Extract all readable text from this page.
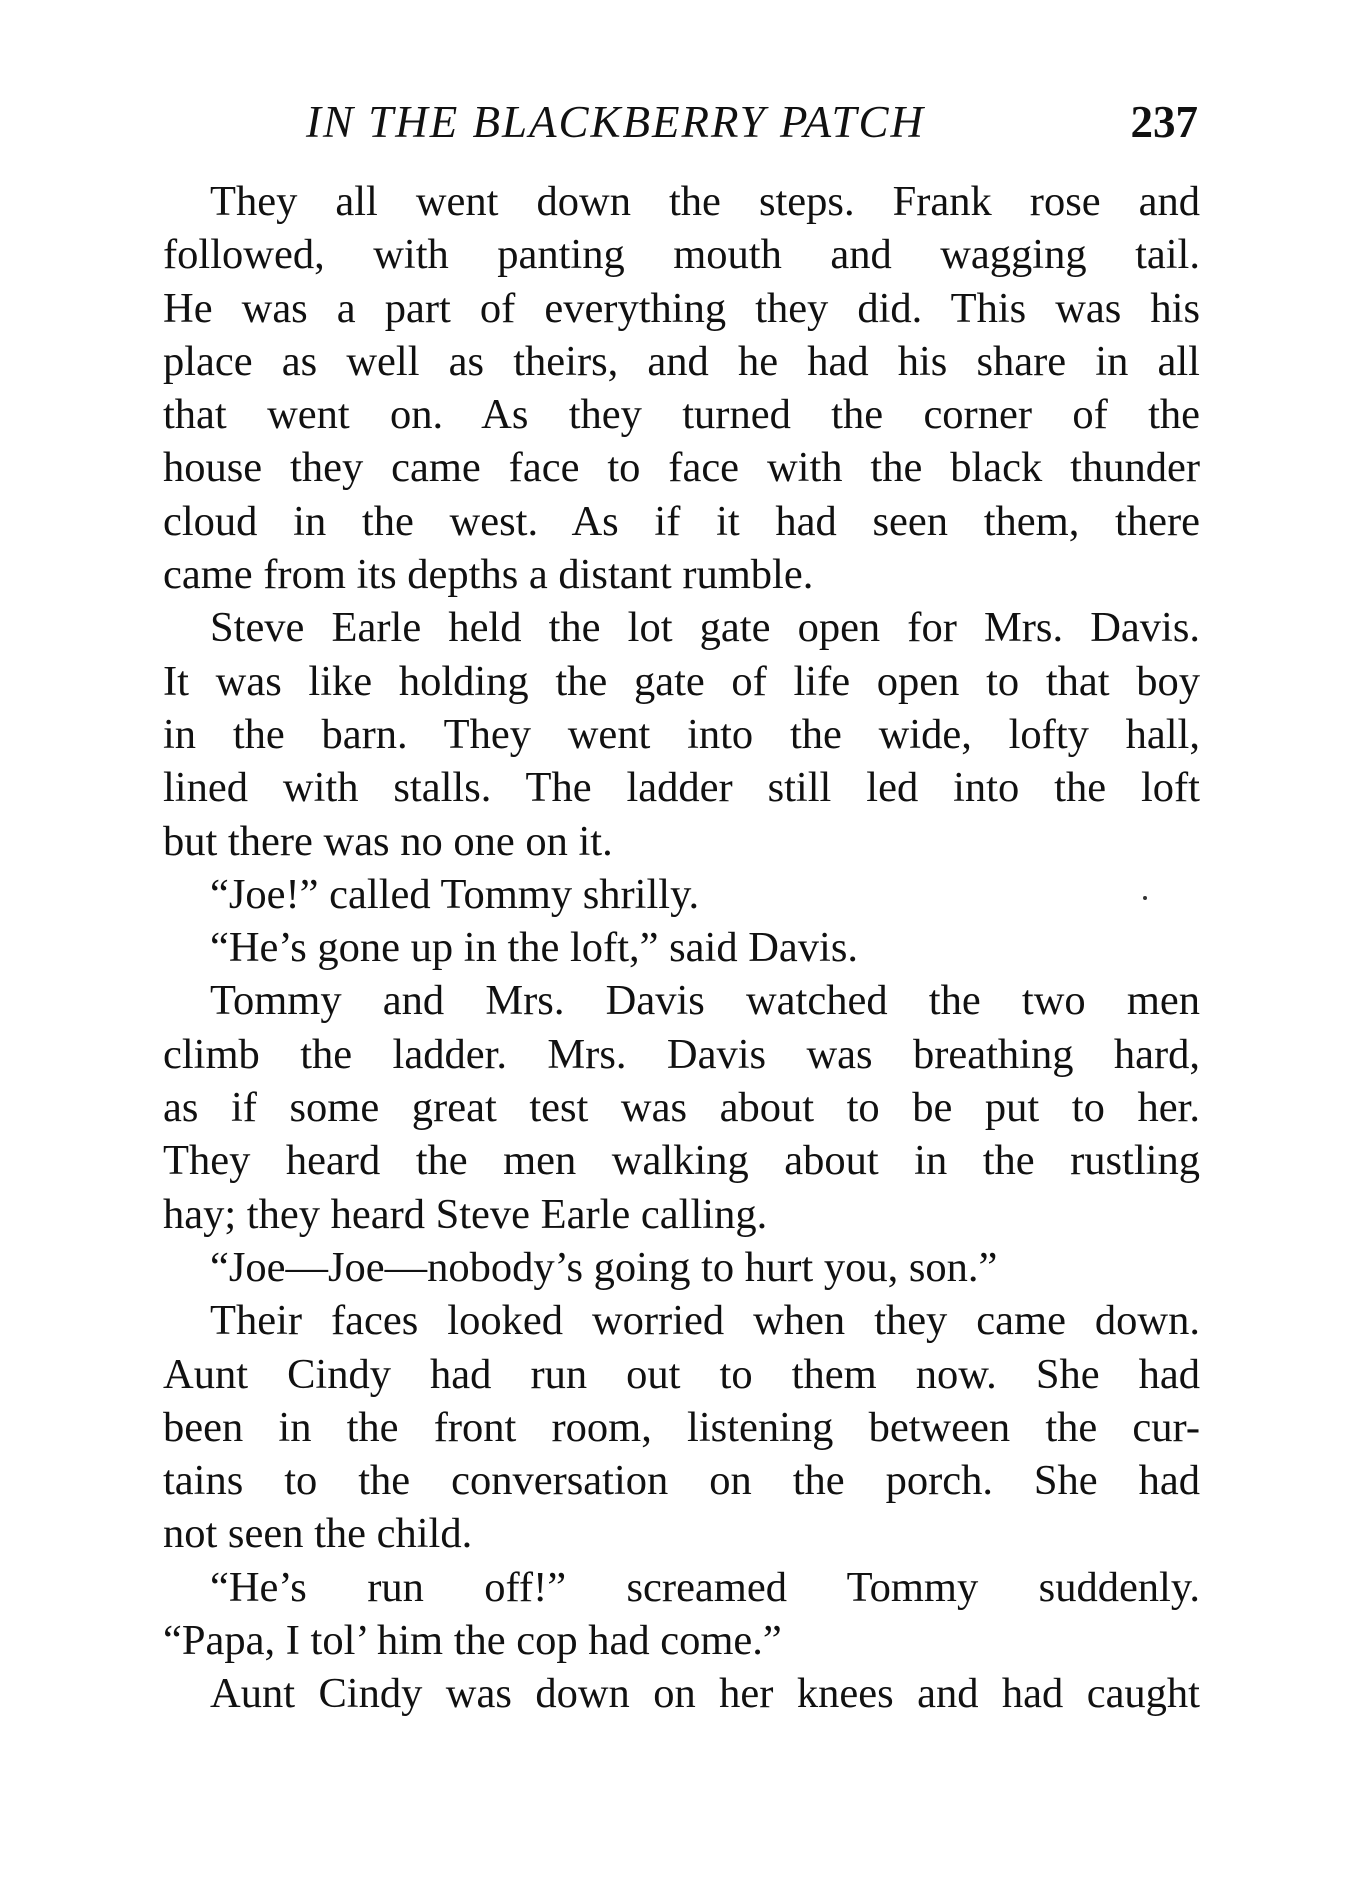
IN THE BLACKBERRY PATCH	237
They all went down the steps. Frank rose and
followed, with panting mouth and wagging tail.
He was a part of everything they did. This was his
place as well as theirs, and he had his share in all
that went on. As they turned the corner of the
house they came face to face with the black thunder
cloud in the west. As if it had seen them, there
came from its depths a distant rumble.
Steve Earle held the lot gate open for Mrs. Davis.
It was like holding the gate of life open to that boy
in the barn. They went into the wide, lofty hall,
lined with stalls. The ladder still led into the loft
but there was no one on it.
“Joe!” called Tommy shrilly.
“He’s gone up in the loft,” said Davis.
Tommy and Mrs. Davis watched the two men
climb the ladder. Mrs. Davis was breathing hard,
as if some great test was about to be put to her.
They heard the men walking about in the rustling
hay; they heard Steve Earle calling.
“Joe—Joe—nobody’s going to hurt you, son.”
Their faces looked worried when they came down.
Aunt Cindy had run out to them now. She had
been in the front room, listening between the cur-
tains to the conversation on the porch. She had
not seen the child.
“He’s run off!” screamed Tommy suddenly.
“Papa, I tol’ him the cop had come.”
Aunt Cindy was down on her knees and had caught
